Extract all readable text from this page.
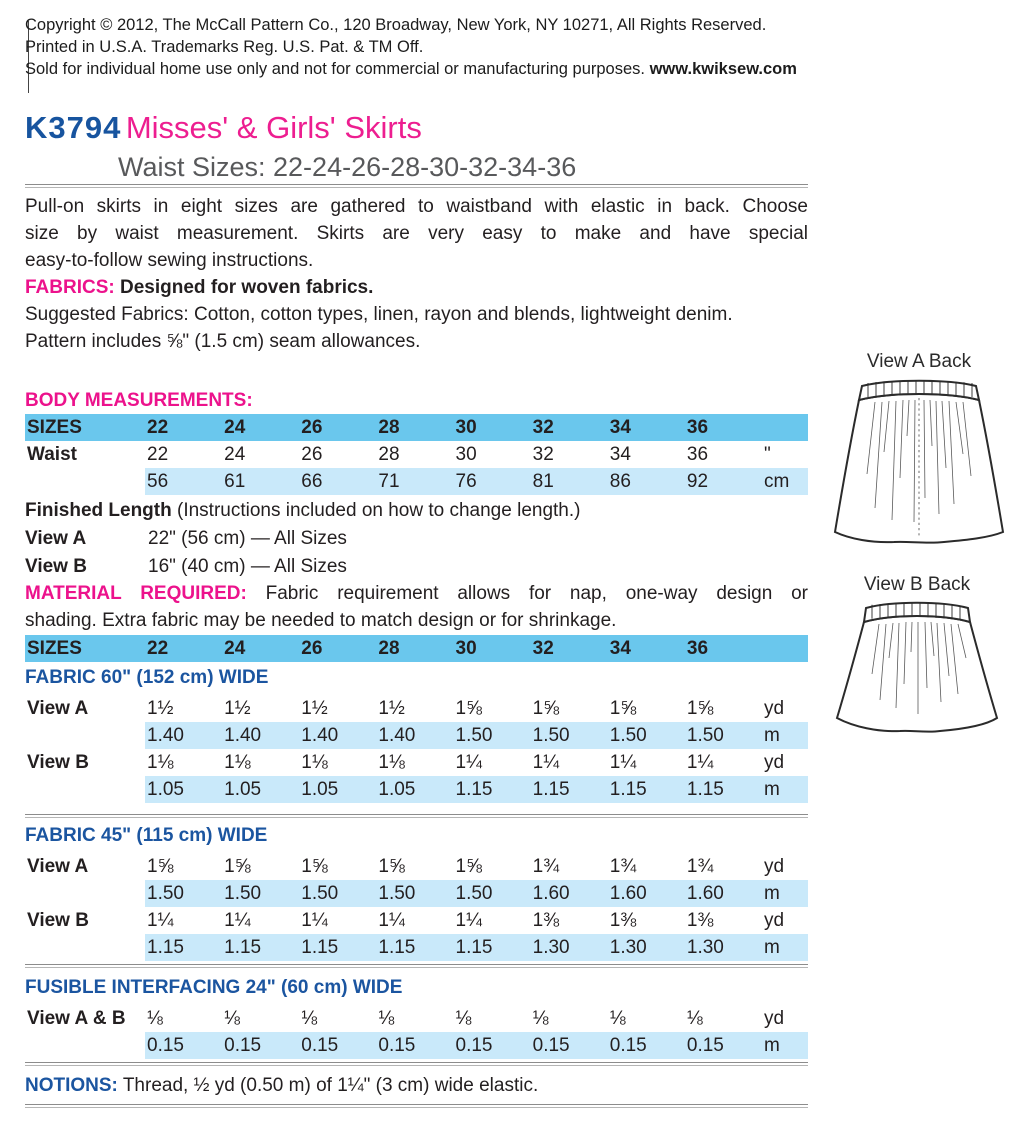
Copyright © 2012, The McCall Pattern Co., 120 Broadway, New York, NY 10271, All Rights Reserved.
Printed in U.S.A. Trademarks Reg. U.S. Pat. & TM Off.
Sold for individual home use only and not for commercial or manufacturing purposes. www.kwiksew.com
K3794 Misses' & Girls' Skirts
Waist Sizes: 22-24-26-28-30-32-34-36
Pull-on skirts in eight sizes are gathered to waistband with elastic in back. Choose
size by waist measurement. Skirts are very easy to make and have special
easy-to-follow sewing instructions.
FABRICS: Designed for woven fabrics.
Suggested Fabrics: Cotton, cotton types, linen, rayon and blends, lightweight denim.
Pattern includes ⅝" (1.5 cm) seam allowances.
BODY MEASUREMENTS:
SIZES	22	24	26	28	30	32	34	36
Waist	22	24	26	28	30	32	34	36	"
56	61	66	71	76	81	86	92	cm
Finished Length (Instructions included on how to change length.)
View A	22" (56 cm) — All Sizes
View B	16" (40 cm) — All Sizes
MATERIAL REQUIRED: Fabric requirement allows for nap, one-way design or
shading. Extra fabric may be needed to match design or for shrinkage.
SIZES	22	24	26	28	30	32	34	36
FABRIC 60" (152 cm) WIDE
View A	1½	1½	1½	1½	1⅝	1⅝	1⅝	1⅝	yd
1.40	1.40	1.40	1.40	1.50	1.50	1.50	1.50	m
View B	1⅛	1⅛	1⅛	1⅛	1¼	1¼	1¼	1¼	yd
1.05	1.05	1.05	1.05	1.15	1.15	1.15	1.15	m
FABRIC 45" (115 cm) WIDE
View A	1⅝	1⅝	1⅝	1⅝	1⅝	1¾	1¾	1¾	yd
1.50	1.50	1.50	1.50	1.50	1.60	1.60	1.60	m
View B	1¼	1¼	1¼	1¼	1¼	1⅜	1⅜	1⅜	yd
1.15	1.15	1.15	1.15	1.15	1.30	1.30	1.30	m
FUSIBLE INTERFACING 24" (60 cm) WIDE
View A & B	⅛	⅛	⅛	⅛	⅛	⅛	⅛	⅛	yd
0.15	0.15	0.15	0.15	0.15	0.15	0.15	0.15	m
NOTIONS: Thread, ½ yd (0.50 m) of 1¼" (3 cm) wide elastic.
View A Back
View B Back
